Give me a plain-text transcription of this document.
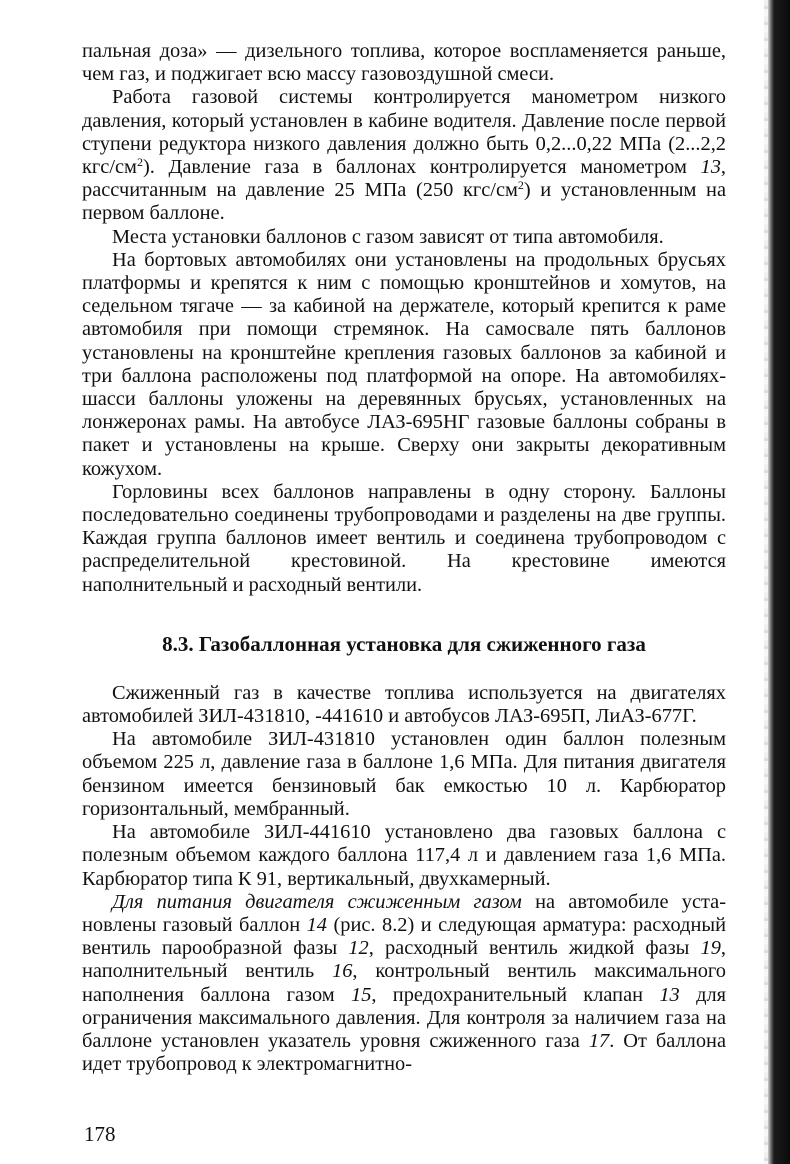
пальная доза» — дизельного топлива, которое воспламеняется раньше, чем газ, и поджигает всю массу газовоздушной смеси.

Работа газовой системы контролируется манометром низкого давления, который установлен в кабине водителя. Давление после первой ступени редуктора низкого давления должно быть 0,2...0,22 МПа (2...2,2 кгс/$см^2$). Давление газа в баллонах контролируется манометром 13, рассчитанным на давление 25 МПа (250 кгс/$см^2$) и установленным на первом баллоне.

Места установки баллонов с газом зависят от типа автомобиля.

На бортовых автомобилях они установлены на продольных брусьях платформы и крепятся к ним с помощью кронштейнов и хомутов, на седельном тягаче — за кабиной на держателе, который крепится к раме автомобиля при помощи стремянок. На самосвале пять баллонов установлены на кронштейне крепления газовых баллонов за кабиной и три баллона расположены под платформой на опоре. На автомобилях-шасси баллоны уложены на деревянных брусьях, установленных на лонжеронах рамы. На автобусе ЛАЗ-695НГ газовые баллоны собраны в пакет и установлены на крыше. Сверху они закрыты декоративным кожухом.

Горловины всех баллонов направлены в одну сторону. Баллоны последовательно соединены трубопроводами и разделены на две группы. Каждая группа баллонов имеет вентиль и соединена трубопроводом с распределительной крестовиной. На крестовине имеются наполнительный и расходный вентили.

8.3. Газобаллонная установка для сжиженного газа

Сжиженный газ в качестве топлива используется на двигателях автомобилей ЗИЛ-431810, -441610 и автобусов ЛАЗ-695П, ЛиАЗ-677Г.

На автомобиле ЗИЛ-431810 установлен один баллон полезным объемом 225 л, давление газа в баллоне 1,6 МПа. Для питания двигателя бензином имеется бензиновый бак емкостью 10 л. Карбюратор горизонтальный, мембранный.

На автомобиле ЗИЛ-441610 установлено два газовых баллона с полезным объемом каждого баллона 117,4 л и давлением газа 1,6 МПа. Карбюратор типа К 91, вертикальный, двухкамерный.

Для питания двигателя сжиженным газом на автомобиле установлены газовый баллон 14 (рис. 8.2) и следующая арматура: расходный вентиль парообразной фазы 12, расходный вентиль жидкой фазы 19, наполнительный вентиль 16, контрольный вентиль максимального наполнения баллона газом 15, предохранительный клапан 13 для ограничения максимального давления. Для контроля за наличием газа на баллоне установлен указатель уровня сжиженного газа 17. От баллона идет трубопровод к электромагнитно-

178
